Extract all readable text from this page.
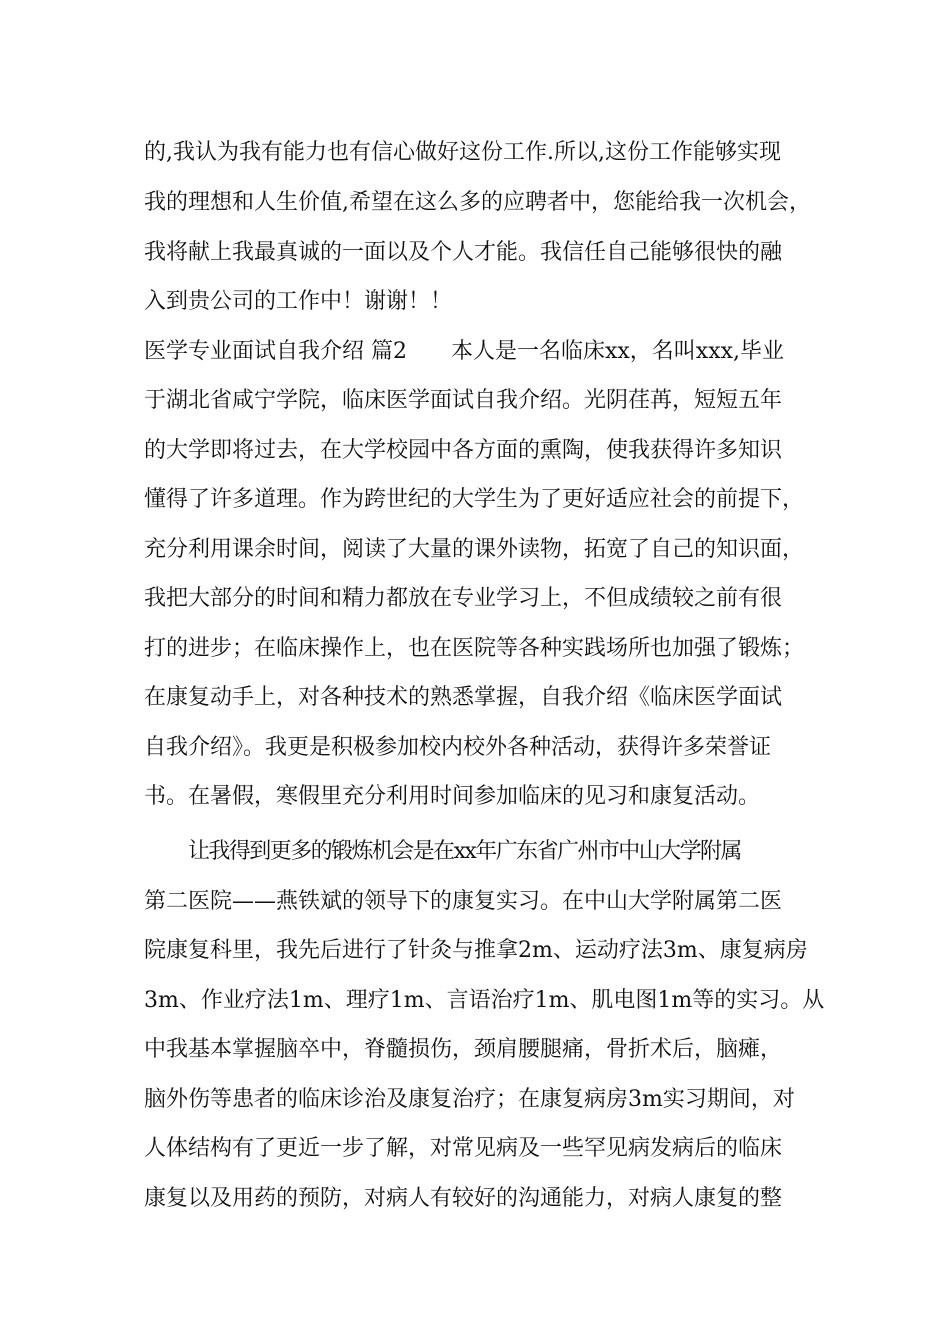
的,我认为我有能力也有信心做好这份工作.所以,这份工作能够实现
我的理想和人生价值,希望在这么多的应聘者中，您能给我一次机会，
我将献上我最真诚的一面以及个人才能。我信任自己能够很快的融
入到贵公司的工作中！谢谢！！
医学专业面试自我介绍 篇2　　本人是一名临床xx，名叫xxx,毕业
于湖北省咸宁学院，临床医学面试自我介绍。光阴荏苒，短短五年
的大学即将过去，在大学校园中各方面的熏陶，使我获得许多知识
懂得了许多道理。作为跨世纪的大学生为了更好适应社会的前提下，
充分利用课余时间，阅读了大量的课外读物，拓宽了自己的知识面，
我把大部分的时间和精力都放在专业学习上，不但成绩较之前有很
打的进步；在临床操作上，也在医院等各种实践场所也加强了锻炼；
在康复动手上，对各种技术的熟悉掌握，自我介绍《临床医学面试
自我介绍》。我更是积极参加校内校外各种活动，获得许多荣誉证
书。在暑假，寒假里充分利用时间参加临床的见习和康复活动。
让我得到更多的锻炼机会是在xx年广东省广州市中山大学附属
第二医院——燕铁斌的领导下的康复实习。在中山大学附属第二医
院康复科里，我先后进行了针灸与推拿2m、运动疗法3m、康复病房
3m、作业疗法1m、理疗1m、言语治疗1m、肌电图1m等的实习。从
中我基本掌握脑卒中，脊髓损伤，颈肩腰腿痛，骨折术后，脑瘫，
脑外伤等患者的临床诊治及康复治疗；在康复病房3m实习期间，对
人体结构有了更近一步了解，对常见病及一些罕见病发病后的临床
康复以及用药的预防，对病人有较好的沟通能力，对病人康复的整
